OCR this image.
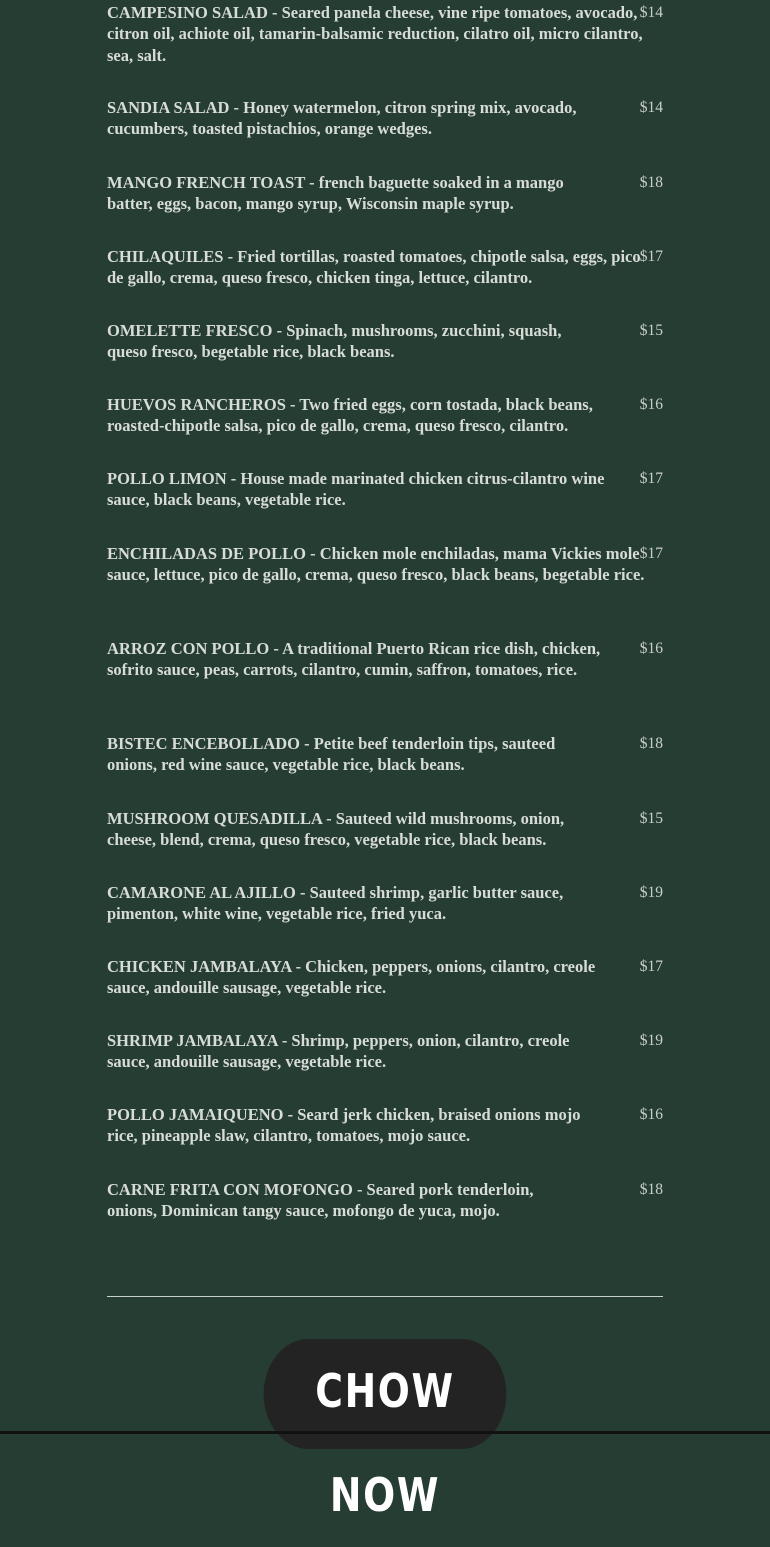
CAMPESINO SALAD - Seared panela cheese, vine ripe tomatoes, avocado, citron oil, achiote oil, tamarin-balsamic reduction, cilatro oil, micro cilantro, sea, salt.
$14
SANDIA SALAD - Honey watermelon, citron spring mix, avocado, cucumbers, toasted pistachios, orange wedges.
$14
MANGO FRENCH TOAST - french baguette soaked in a mango batter, eggs, bacon, mango syrup, Wisconsin maple syrup.
$18
CHILAQUILES - Fried tortillas, roasted tomatoes, chipotle salsa, eggs, pico de gallo, crema, queso fresco, chicken tinga, lettuce, cilantro.
$17
OMELETTE FRESCO - Spinach, mushrooms, zucchini, squash, queso fresco, begetable rice, black beans.
$15
HUEVOS RANCHEROS - Two fried eggs, corn tostada, black beans, roasted-chipotle salsa, pico de gallo, crema, queso fresco, cilantro.
$16
POLLO LIMON - House made marinated chicken citrus-cilantro wine sauce, black beans, vegetable rice.
$17
ENCHILADAS DE POLLO - Chicken mole enchiladas, mama Vickies mole sauce, lettuce, pico de gallo, crema, queso fresco, black beans, begetable rice.
$17
ARROZ CON POLLO - A traditional Puerto Rican rice dish, chicken, sofrito sauce, peas, carrots, cilantro, cumin, saffron, tomatoes, rice.
$16
BISTEC ENCEBOLLADO - Petite beef tenderloin tips, sauteed onions, red wine sauce, vegetable rice, black beans.
$18
MUSHROOM QUESADILLA - Sauteed wild mushrooms, onion, cheese, blend, crema, queso fresco, vegetable rice, black beans.
$15
CAMARONE AL AJILLO - Sauteed shrimp, garlic butter sauce, pimenton, white wine, vegetable rice, fried yuca.
$19
CHICKEN JAMBALAYA - Chicken, peppers, onions, cilantro, creole sauce, andouille sausage, vegetable rice.
$17
SHRIMP JAMBALAYA - Shrimp, peppers, onion, cilantro, creole sauce, andouille sausage, vegetable rice.
$19
POLLO JAMAIQUENO - Seard jerk chicken, braised onions mojo rice, pineapple slaw, cilantro, tomatoes, mojo sauce.
$16
CARNE FRITA CON MOFONGO - Seared pork tenderloin, onions, Dominican tangy sauce, mofongo de yuca, mojo.
$18
CHOW NOW
